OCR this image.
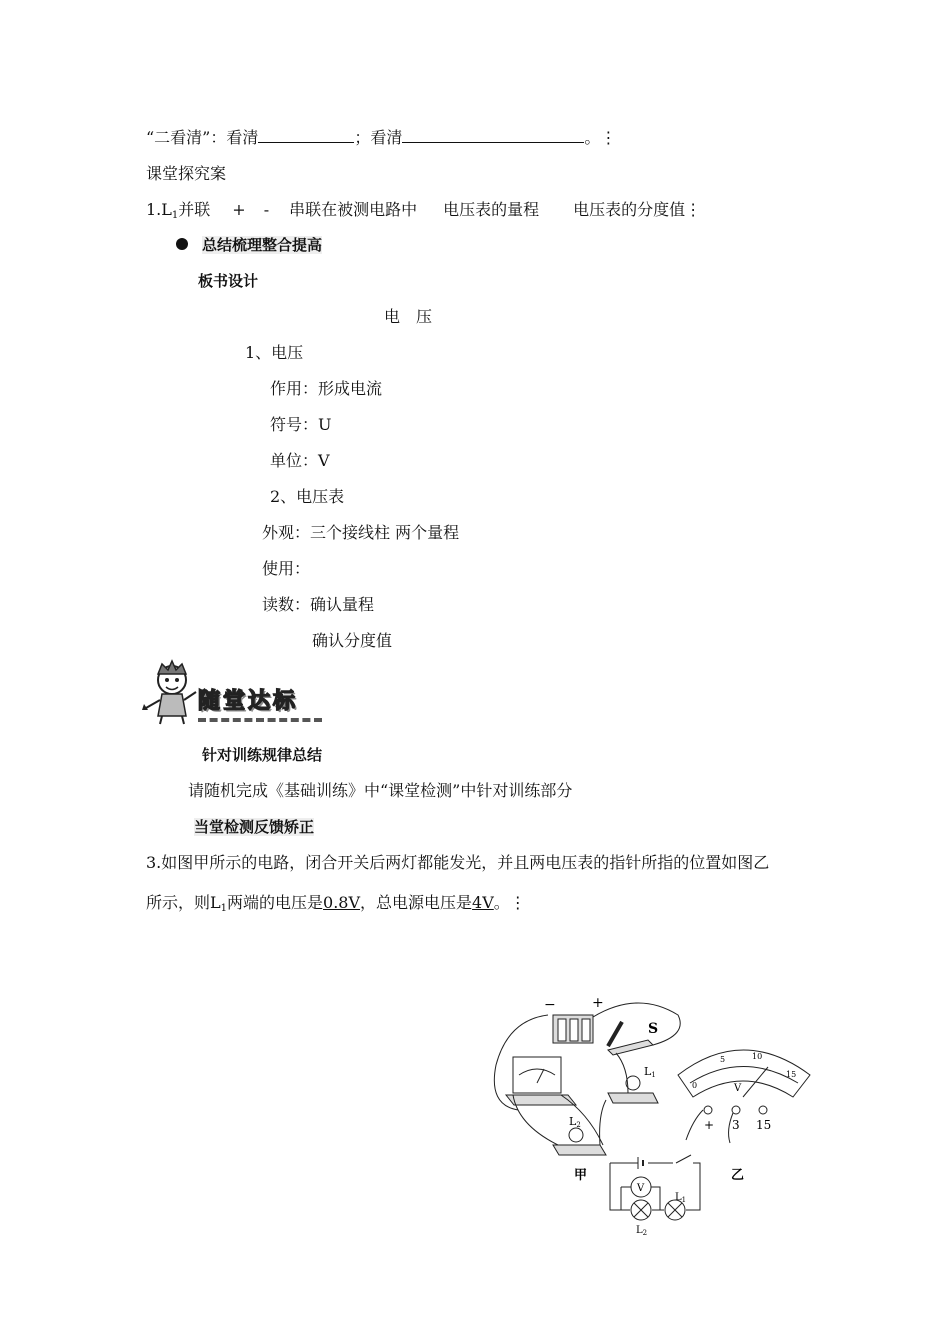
“二看清”：看清	；看清	。⋮
课堂探究案
$1.L_1$并联 + - 串联在被测电路中 电压表的量程 电压表的分度值⋮
总结梳理整合提高
板书设计
电　压
1、电压
作用：形成电流
符号：U
单位：V
2、电压表
外观：三个接线柱 两个量程
使用：
读数：确认量程
确认分度值
随堂达标
针对训练规律总结
请随机完成《基础训练》中“课堂检测”中针对训练部分
当堂检测反馈矫正
3.如图甲所示的电路，闭合开关后两灯都能发光，并且两电压表的指针所指的位置如图乙
所示，则$L_1$两端的电压是0.8V，总电源电压是4V。⋮
−	+
S
L2
L1
甲
0
5	10
15
V
+ 3 15
乙
V
$L_1$
$L_2$
